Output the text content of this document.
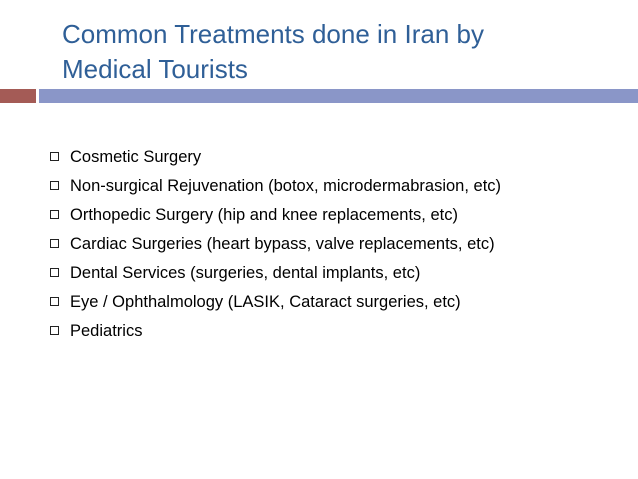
Common Treatments done in Iran by
Medical Tourists
Cosmetic Surgery
Non-surgical Rejuvenation (botox, microdermabrasion, etc)
Orthopedic Surgery (hip and knee replacements, etc)
Cardiac Surgeries (heart bypass, valve replacements, etc)
Dental Services (surgeries, dental implants, etc)
Eye / Ophthalmology (LASIK, Cataract surgeries, etc)
Pediatrics
